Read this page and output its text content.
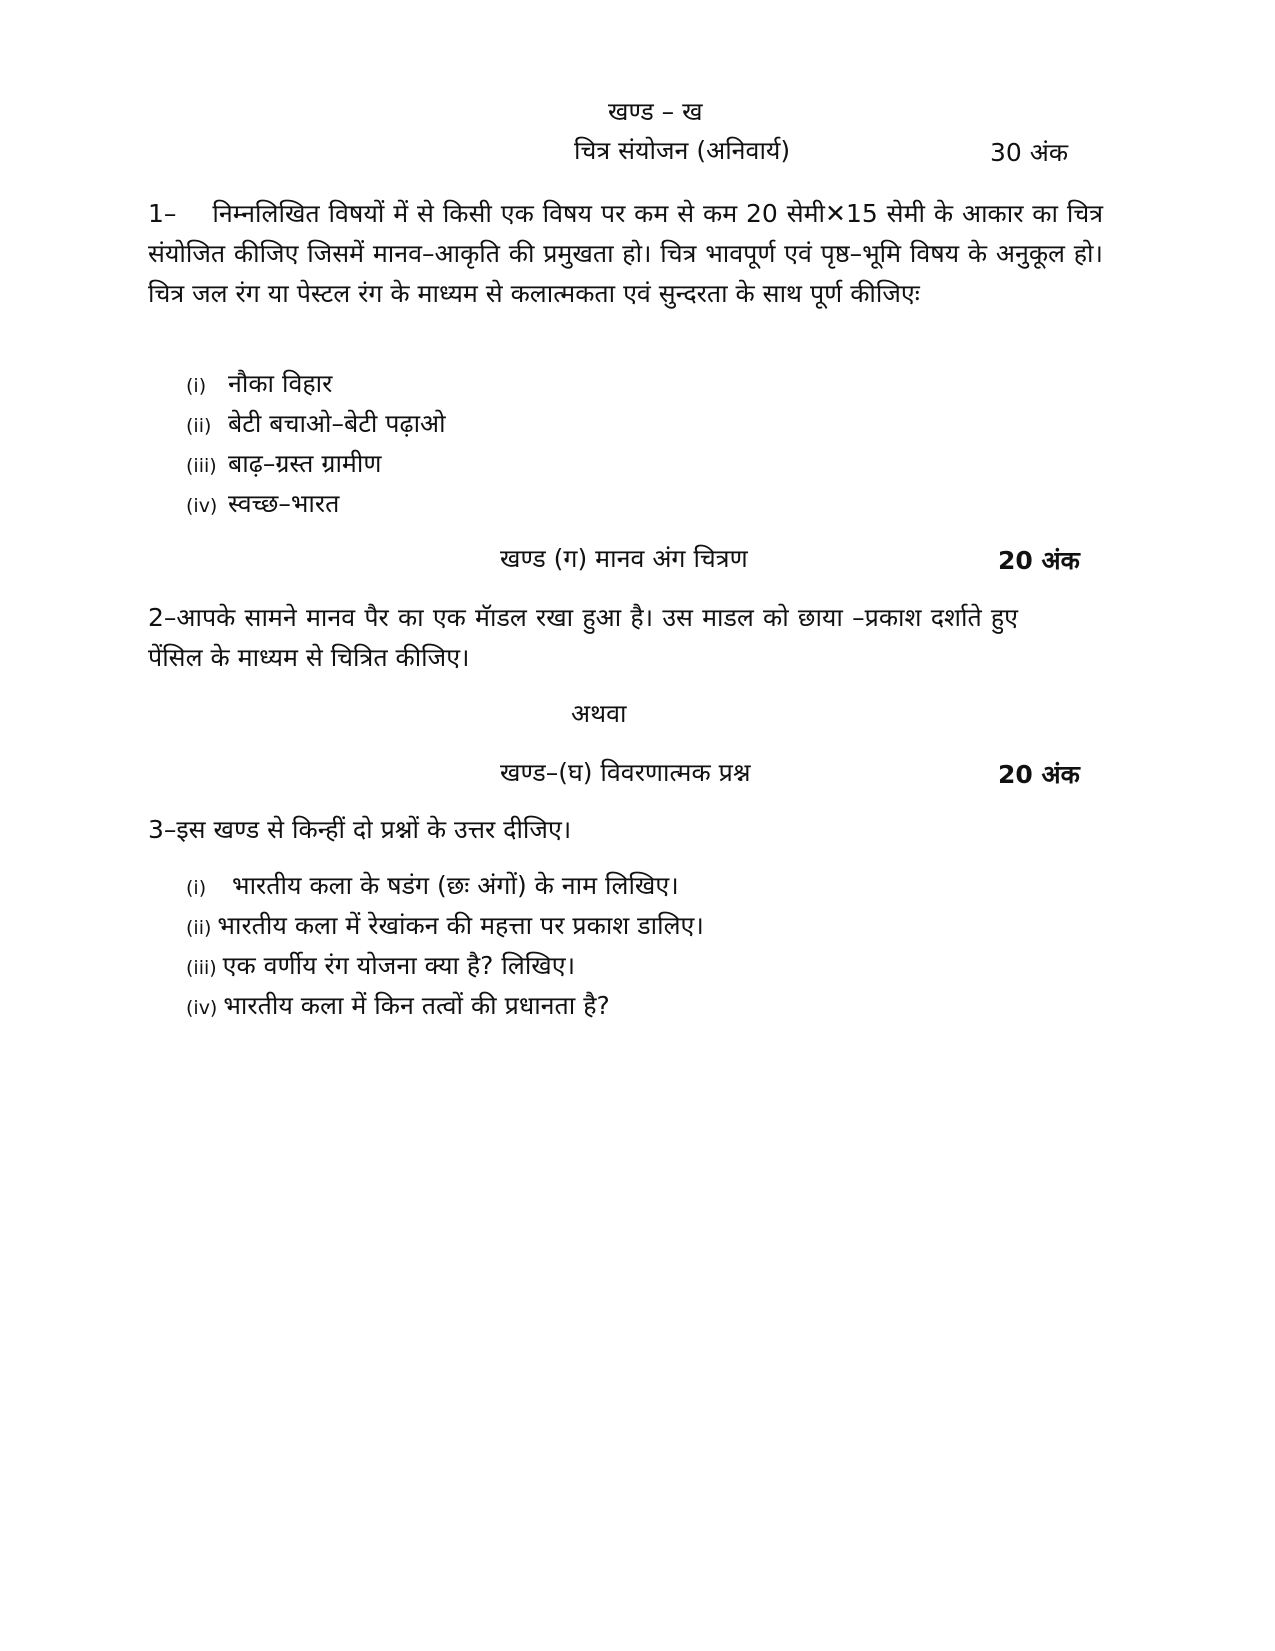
खण्ड – ख
चित्र संयोजन (अनिवार्य)	30 अंक

1– निम्नलिखित विषयों में से किसी एक विषय पर कम से कम 20 सेमी✕15 सेमी के आकार का चित्र संयोजित कीजिए जिसमें मानव–आकृति की प्रमुखता हो। चित्र भावपूर्ण एवं पृष्ठ–भूमि विषय के अनुकूल हो। चित्र जल रंग या पेस्टल रंग के माध्यम से कलात्मकता एवं सुन्दरता के साथ पूर्ण कीजिएः

(i) नौका विहार
(ii) बेटी बचाओ–बेटी पढ़ाओ
(iii) बाढ़–ग्रस्त ग्रामीण
(iv) स्वच्छ–भारत
खण्ड (ग) मानव अंग चित्रण	20 अंक

2–आपके सामने मानव पैर का एक मॅाडल रखा हुआ है। उस माडल को छाया –प्रकाश दर्शाते हुए पेंसिल के माध्यम से चित्रित कीजिए।

अथवा
खण्ड–(घ) विवरणात्मक प्रश्न	20 अंक

3–इस खण्ड से किन्हीं दो प्रश्नों के उत्तर दीजिए।

(i) भारतीय कला के षडंग (छः अंगों) के नाम लिखिए।
(ii) भारतीय कला में रेखांकन की महत्ता पर प्रकाश डालिए।
(iii) एक वर्णीय रंग योजना क्या है? लिखिए।
(iv) भारतीय कला में किन तत्वों की प्रधानता है?
